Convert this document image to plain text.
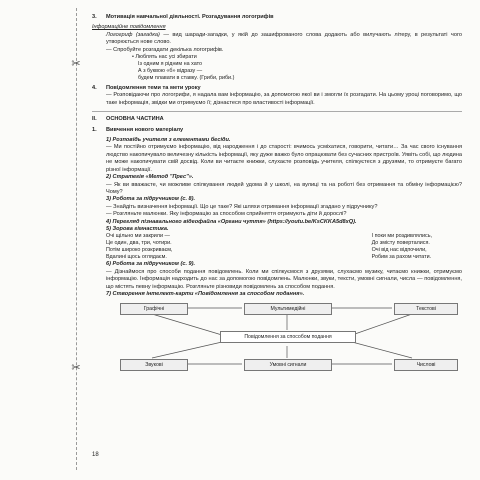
✂
✂
3. Мотивація навчальної діяльності. Розгадування логогрифів
Інформаційне повідомлення

Логогриф (загадка) — вид шаради-загадки, у якій до зашифрованого слова додають або вилучають літеру, в результаті чого утворюється нове слово.

— Спробуйте розгадати декілька логогрифів.

• Люблять нас усі збирати
Із одним я рідним на хато
А з буквою «б» відразу —
будем плавати в ставку. (Гриби, риби.)
4. Повідомлення теми та мети уроку

— Розповідаючи про логогрифи, я надала вам інформацію, за допомогою якої ви і змогли їх розгадати. На цьому уроці поговоримо, що таке інформація, звідки ми отримуємо її; дізнаєтеся про властивості інформації.

ІІ. ОСНОВНА ЧАСТИНА
1. Вивчення нового матеріалу
1) Розповідь учителя з елементами бесіди.

— Ми постійно отримуємо інформацію, від народження і до старості: вчимось усміхатися, говорити, читати… За час свого існування людство накопичувало величезну кількість інформації, яку дуже важко було опрацювати без сучасних пристроїв. Уявіть собі, що людина не може накопичувати свій досвід. Коли ви читаєте книжки, слухаєте розповідь учителя, спілкуєтеся з друзями, то отримуєте багато різної інформації.

2) Стратегія «Метод "Прес"».

— Як ви вважаєте, чи можливе спілкування людей удома й у школі, на вулиці та на роботі без отримання та обміну інформацією? Чому?

3) Робота за підручником (с. 8).

— Знайдіть визначення інформації. Що це таке? Які шляхи отримання інформації згадано у підручнику?

— Розгляньте малюнки. Яку інформацію за способом сприйняття отримують діти й дорослі?

4) Перегляд пізнавального відеофайла «Органи чуття» (https://youtu.be/KsCKKA5d8xQ).
5) Зорова гімнастика.
Очі щільно ми закрили —
Це один, два, три, чотири.
Потім широко розкриваєм,
Вдалині щось оглядаєм.
І поки ми роздивлялись,
До змісту поверталися.
Очі від нас відпочили,
Робим за рахом читати.
6) Робота за підручником (с. 9).

— Дізнаймося про способи подання повідомлень. Коли ми спілкуємося з друзями, слухаємо музику, читаємо книжки, отримуємо інформацію. Інформація надходить до нас за допомогою повідомлень. Малюнки, звуки, тексти, умовні сигнали, числа — повідомлення, що містять певну інформацію. Розгляньте різновиди повідомлень за способом подання.

7) Створення інтелект-карти «Повідомлення за способом подання».
Графічні	Мультимедійні	Текстові
Повідомлення за способом подання
Звукові	Умовні сигнали	Числові
18
